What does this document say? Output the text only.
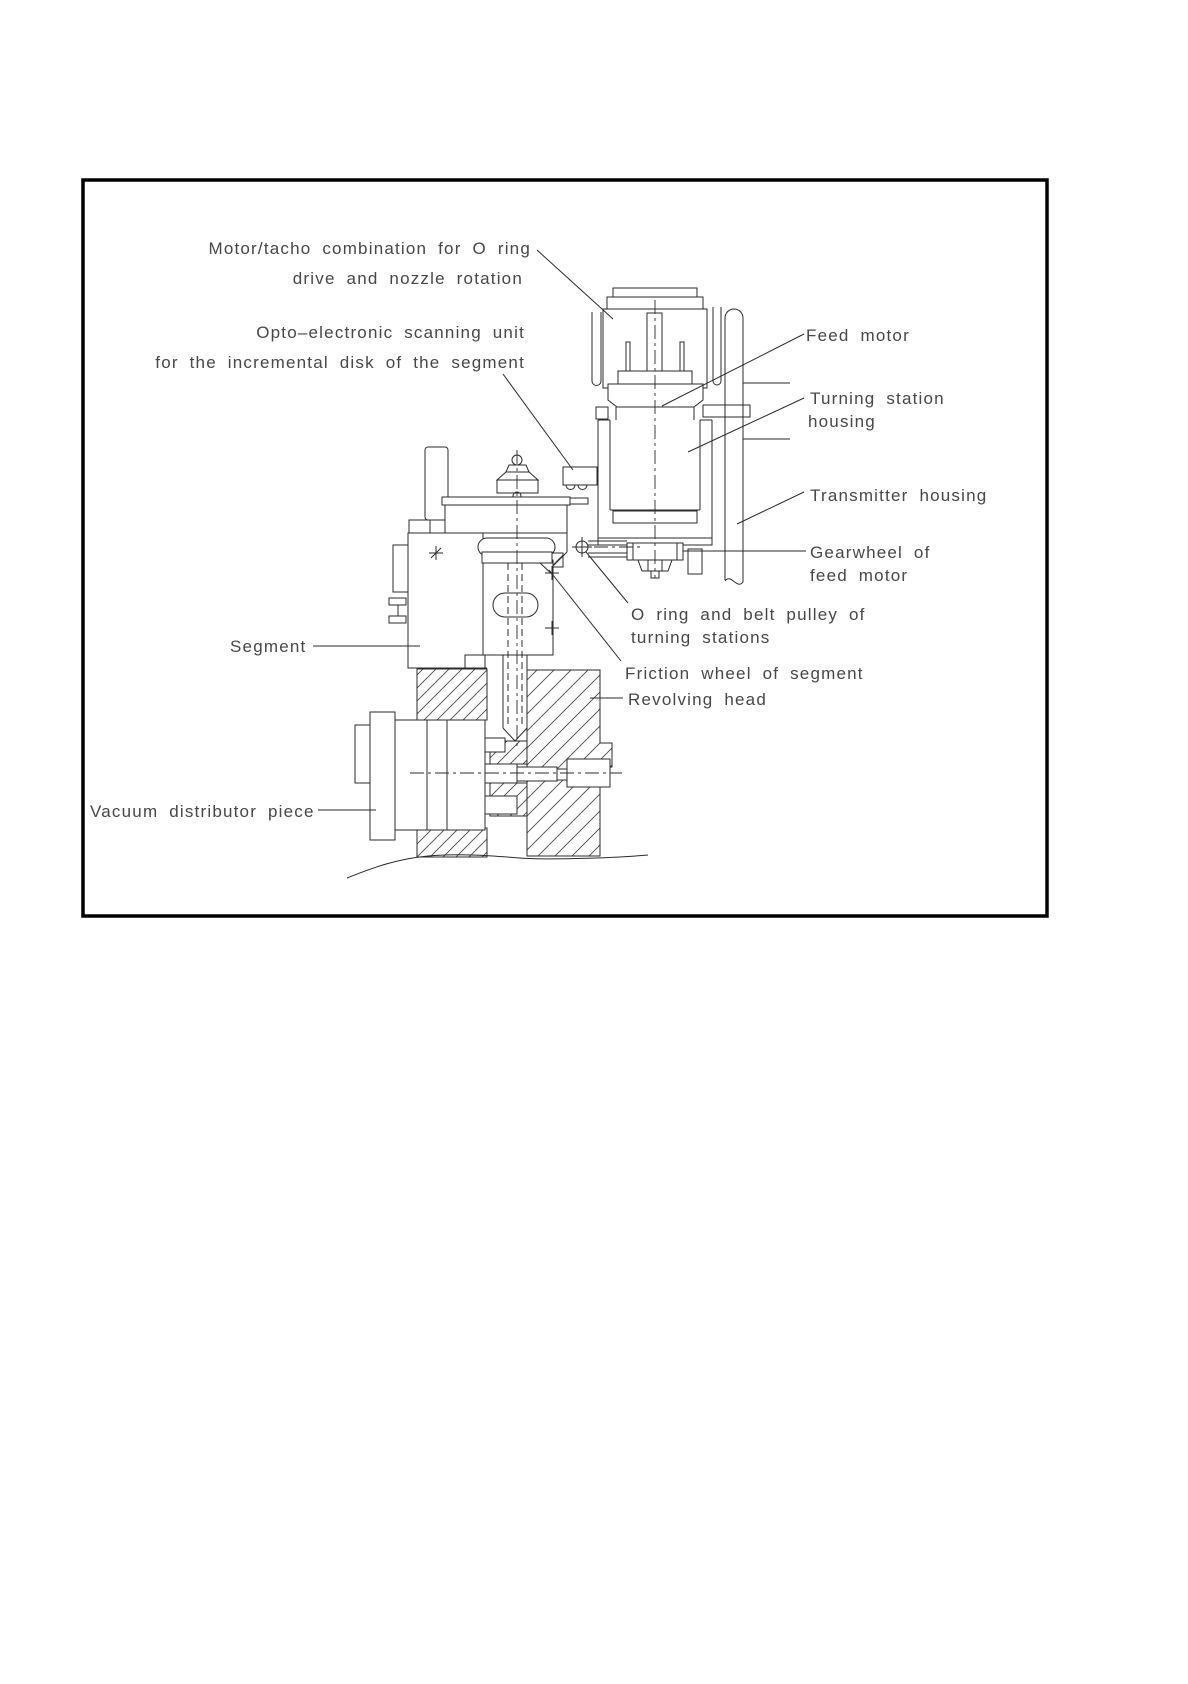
Motor/tacho combination for O ring
drive and nozzle rotation
Opto–electronic scanning unit
for the incremental disk of the segment
Feed motor
Turning station
housing
Transmitter housing
Gearwheel of
feed motor
O ring and belt pulley of
turning stations
Friction wheel of segment
Revolving head
Segment
Vacuum distributor piece
